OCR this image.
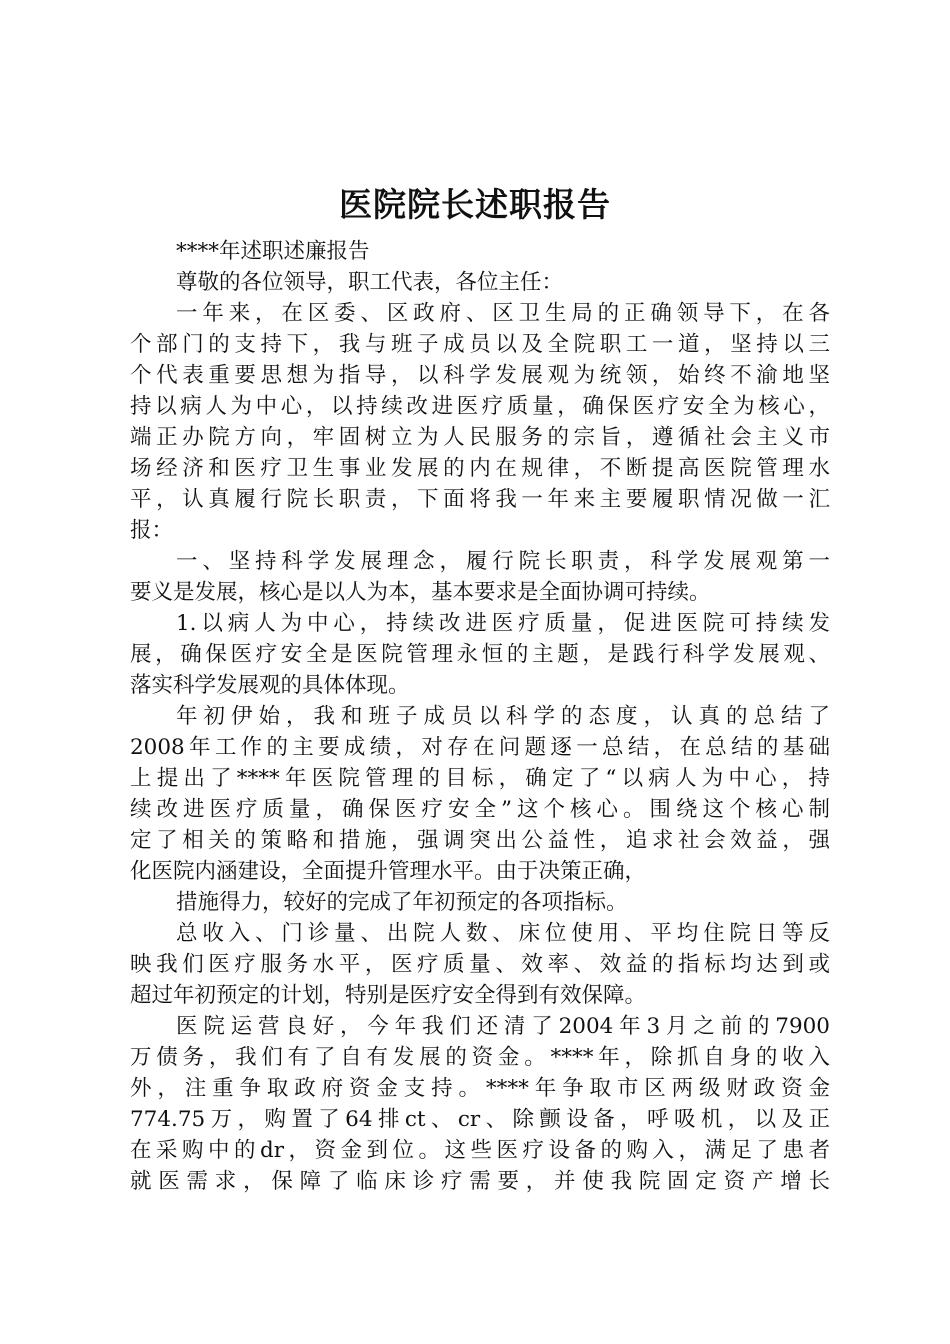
医院院长述职报告
****年述职述廉报告
尊敬的各位领导，职工代表，各位主任：
一年来，在区委、区政府、区卫生局的正确领导下，在各
个部门的支持下，我与班子成员以及全院职工一道，坚持以三
个代表重要思想为指导，以科学发展观为统领，始终不渝地坚
持以病人为中心，以持续改进医疗质量，确保医疗安全为核心，
端正办院方向，牢固树立为人民服务的宗旨，遵循社会主义市
场经济和医疗卫生事业发展的内在规律，不断提高医院管理水
平，认真履行院长职责，下面将我一年来主要履职情况做一汇
报：
一、坚持科学发展理念，履行院长职责，科学发展观第一
要义是发展，核心是以人为本，基本要求是全面协调可持续。
1.以病人为中心，持续改进医疗质量，促进医院可持续发
展，确保医疗安全是医院管理永恒的主题，是践行科学发展观、
落实科学发展观的具体体现。
年初伊始，我和班子成员以科学的态度，认真的总结了
2008年工作的主要成绩，对存在问题逐一总结，在总结的基础
上提出了****年医院管理的目标，确定了“以病人为中心，持
续改进医疗质量，确保医疗安全”这个核心。围绕这个核心制
定了相关的策略和措施，强调突出公益性，追求社会效益，强
化医院内涵建设，全面提升管理水平。由于决策正确，
措施得力，较好的完成了年初预定的各项指标。
总收入、门诊量、出院人数、床位使用、平均住院日等反
映我们医疗服务水平，医疗质量、效率、效益的指标均达到或
超过年初预定的计划，特别是医疗安全得到有效保障。
医院运营良好，今年我们还清了2004年3月之前的7900
万债务，我们有了自有发展的资金。****年，除抓自身的收入
外，注重争取政府资金支持。****年争取市区两级财政资金
774.75万，购置了64排ct、cr、除颤设备，呼吸机，以及正
在采购中的dr，资金到位。这些医疗设备的购入，满足了患者
就医需求，保障了临床诊疗需要，并使我院固定资产增长
